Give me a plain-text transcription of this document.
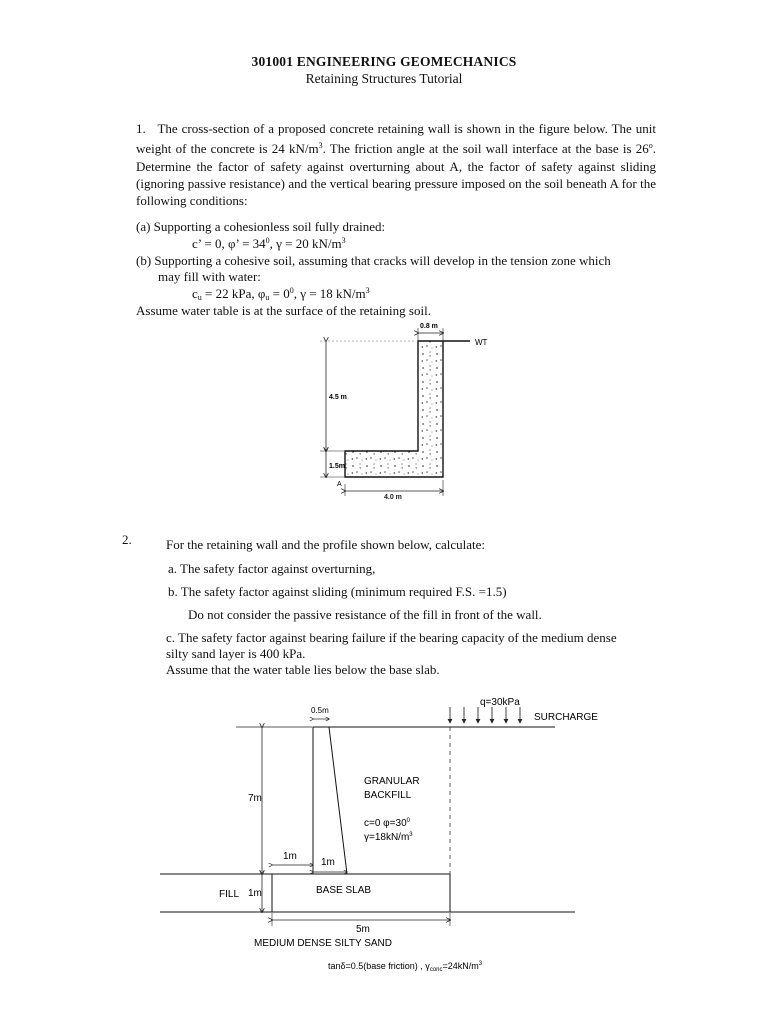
301001 ENGINEERING GEOMECHANICS
Retaining Structures Tutorial
1. The cross-section of a proposed concrete retaining wall is shown in the figure below. The unit weight of the concrete is 24 $kN/m^3$. The friction angle at the soil wall interface at the base is 26$^o$. Determine the factor of safety against overturning about A, the factor of safety against sliding (ignoring passive resistance) and the vertical bearing pressure imposed on the soil beneath A for the following conditions:
(a) Supporting a cohesionless soil fully drained:
c’ = 0, φ’ = $34^0$, γ = 20 $kN/m^3$
(b) Supporting a cohesive soil, assuming that cracks will develop in the tension zone which
may fill with water:
$c_u = 22$ kPa, $\varphi_u = 0^0$, γ = 18 $kN/m^3$
Assume water table is at the surface of the retaining soil.
0.8 m
WT
4.5 m
1.5m
A
4.0 m
2.	For the retaining wall and the profile shown below, calculate:
a. The safety factor against overturning,
b. The safety factor against sliding (minimum required F.S. =1.5)
Do not consider the passive resistance of the fill in front of the wall.
c. The safety factor against bearing failure if the bearing capacity of the medium dense
silty sand layer is 400 kPa.
Assume that the water table lies below the base slab.
q=30kPa
SURCHARGE
0.5m
7m
1m
1m
FILL 1m	BASE SLAB
GRANULAR
BACKFILL
c=0 $\varphi=30^0$
$\gamma=18kN/m^3$
5m
MEDIUM DENSE SILTY SAND
tanδ=0.5(base friction) , $\gamma_{conc}=24kN/m^3$
